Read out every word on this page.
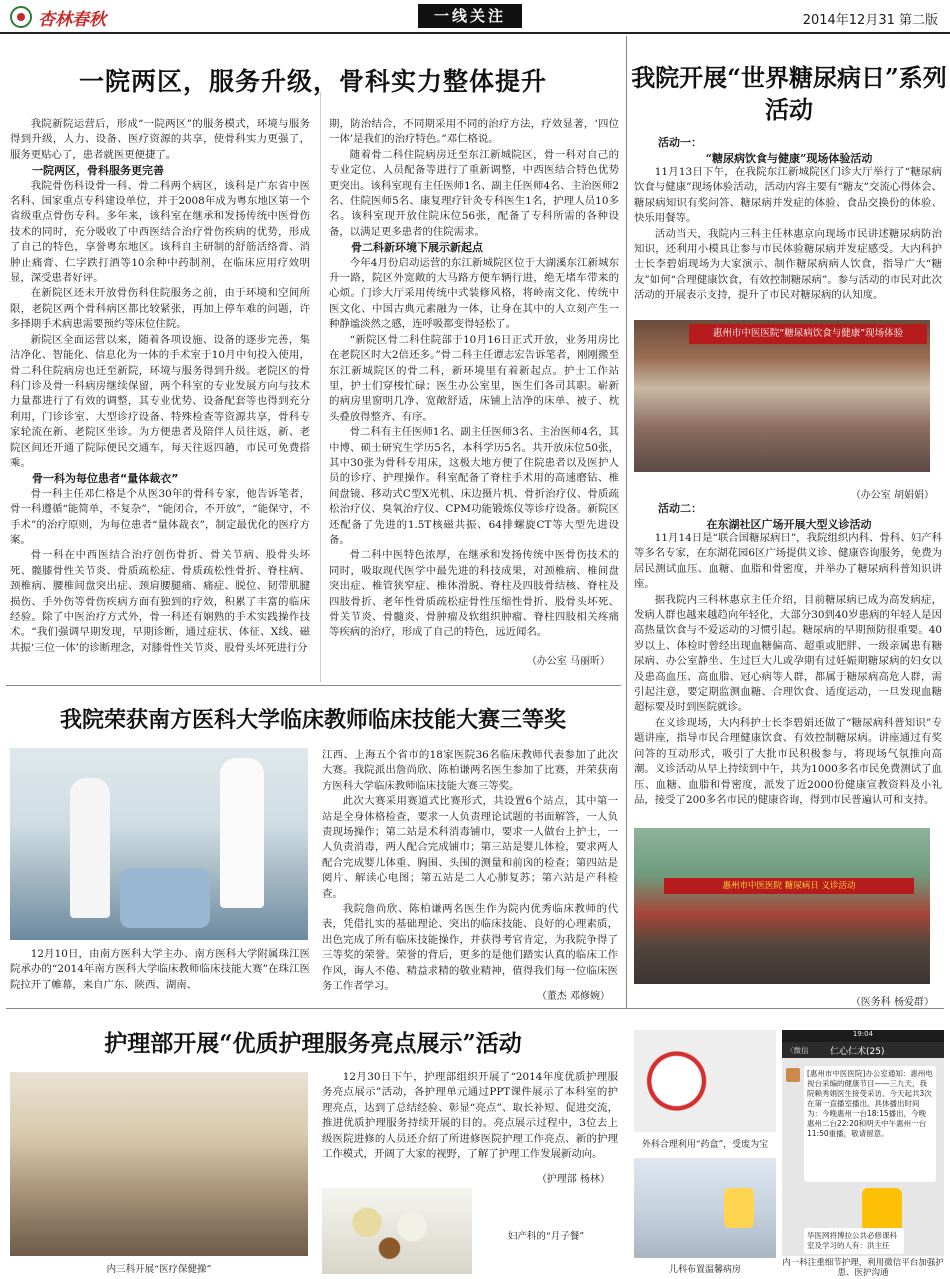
杏林春秋	一线关注	2014年12月31 第二版
一院两区，服务升级，骨科实力整体提升

我院新院运营后，形成“一院两区”的服务模式，环境与服务得到升级，人力、设备、医疗资源的共享，使骨科实力更强了，服务更贴心了，患者就医更便捷了。

一院两区，骨科服务更完善

我院骨伤科设骨一科、骨二科两个病区，该科是广东省中医名科、国家重点专科建设单位，并于2008年成为粤东地区第一个省级重点骨伤专科。多年来，该科室在继承和发扬传统中医骨伤技术的同时，充分吸收了中西医结合治疗骨伤疾病的优势，形成了自己的特色，享誉粤东地区。该科自主研制的舒筋活络膏、消肿止痛膏、仁字跌打酒等10余种中药制剂，在临床应用疗效明显，深受患者好评。

在新院区还未开放骨伤科住院服务之前，由于环境和空间所限，老院区两个骨科病区都比较紧张，再加上停车难的问题，许多择期手术病患需要预约等床位住院。

新院区全面运营以来，随着各项设施、设备的逐步完善，集洁净化、智能化、信息化为一体的手术室于10月中旬投入使用，骨二科住院病房也迁至新院，环境与服务得到升级。老院区的骨科门诊及骨一科病房继续保留，两个科室的专业发展方向与技术力量都进行了有效的调整，其专业优势、设备配套等也得到充分利用，门诊诊室、大型诊疗设备、特殊检查等资源共享，骨科专家轮流在新、老院区坐诊。为方便患者及陪伴人员往返，新、老院区间还开通了院际便民交通车，每天往返四趟，市民可免费搭乘。

骨一科为每位患者“量体裁衣”

骨一科主任邓仁格是个从医30年的骨科专家，他告诉笔者，骨一科遵循“能简单，不复杂”，“能闭合，不开放”，“能保守，不手术”的治疗原则，为每位患者“量体裁衣”，制定最优化的医疗方案。

骨一科在中西医结合治疗创伤骨折、骨关节病、股骨头坏死、髋膝骨性关节炎、骨质疏松症、骨质疏松性骨折、脊柱病、颈椎病、腰椎间盘突出症、颈肩腰腿痛、痛症、脱位、韧带肌腱损伤、手外伤等骨伤疾病方面有独到的疗效，积累了丰富的临床经验。除了中医治疗方式外，骨一科还有娴熟的手术实践操作技术。“我们强调早期发现，早期诊断，通过症状、体征、X线、磁共振‘三位一体’的诊断理念，对膝骨性关节炎、股骨头坏死进行分

期，防治结合，不同期采用不同的治疗方法，疗效显著，‘四位一体’是我们的治疗特色。”邓仁格说。

随着骨二科住院病房迁至东江新城院区，骨一科对自己的专业定位、人员配备等进行了重新调整，中西医结合特色优势更突出。该科室现有主任医师1名、副主任医师4名、主治医师2名、住院医师5名、康复理疗针灸专科医生1名，护理人员10多名。该科室现开放住院床位56张，配备了专科所需的各种设备，以满足更多患者的住院需求。

骨二科新环境下展示新起点

今年4月份启动运营的东江新城院区位于大湖溪东江新城东升一路，院区外宽敞的大马路方便车辆行进，绝无堵车带来的心烦。门诊大厅采用传统中式装修风格，将岭南文化、传统中医文化、中国古典元素融为一体，让身在其中的人立刻产生一种静谧淡然之感，连呼吸都变得轻松了。

“新院区骨二科住院部于10月16日正式开放，业务用房比在老院区时大2倍还多。”骨二科主任谭志宏告诉笔者，刚刚搬至东江新城院区的骨二科，新环境里有着新起点。护士工作站里，护士们穿梭忙碌；医生办公室里，医生们各司其职。崭新的病房里窗明几净、宽敞舒适，床铺上洁净的床单、被子、枕头叠放得整齐、有序。

骨二科有主任医师1名、副主任医师3名、主治医师4名，其中博、硕士研究生学历5名，本科学历5名。共开放床位50张，其中30张为骨科专用床，这极大地方便了住院患者以及医护人员的诊疗、护理操作。科室配备了脊柱手术用的高速磨钻、椎间盘镜、移动式C型X光机、床边摄片机、骨折治疗仪、骨质疏松治疗仪、臭氧治疗仪、CPM功能锻炼仪等诊疗设备。新院区还配备了先进的1.5T核磁共振、64排螺旋CT等大型先进设备。

骨二科中医特色浓厚，在继承和发扬传统中医骨伤技术的同时，吸取现代医学中最先进的科技成果，对颈椎病、椎间盘突出症、椎管狭窄症、椎体滑脱、脊柱及四肢骨结核、脊柱及四肢骨折、老年性骨质疏松症骨性压缩性骨折、股骨头坏死、骨关节炎、骨髓炎、骨肿瘤及软组织肿瘤、脊柱四肢相关疼痛等疾病的治疗，形成了自己的特色，远近闻名。

（办公室 马丽昕）
我院荣获南方医科大学临床教师临床技能大赛三等奖

12月10日，由南方医科大学主办、南方医科大学附属珠江医院承办的“2014年南方医科大学临床教师临床技能大赛”在珠江医院拉开了帷幕，来自广东、陕西、湖南、

江西、上海五个省市的18家医院36名临床教师代表参加了此次大赛。我院派出詹尚欣、陈柏谦两名医生参加了比赛，并荣获南方医科大学临床教师临床技能大赛三等奖。

此次大赛采用赛道式比赛形式，共设置6个站点，其中第一站是全身体格检查，要求一人负责理论试题的书面解答，一人负责现场操作；第二站是术科消毒铺巾，要求一人做台上护士，一人负责消毒，两人配合完成铺巾；第三站是婴儿体检，要求两人配合完成婴儿体重、胸围、头围的测量和前囟的检查；第四站是阅片、解读心电图；第五站是二人心肺复苏；第六站是产科检查。

我院詹尚欣、陈柏谦两名医生作为院内优秀临床教师的代表，凭借扎实的基础理论、突出的临床技能、良好的心理素质，出色完成了所有临床技能操作，并获得考官肯定，为我院争得了三等奖的荣誉。荣誉的背后，更多的是他们踏实认真的临床工作作风，诲人不倦、精益求精的敬业精神，值得我们每一位临床医务工作者学习。

（董杰 邓修婉）
我院开展“世界糖尿病日”系列活动
活动一：
“糖尿病饮食与健康”现场体验活动

11月13日下午，在我院东江新城院区门诊大厅举行了“糖尿病饮食与健康”现场体验活动，活动内容主要有“糖友”交流心得体会、糖尿病知识有奖问答、糖尿病并发症的体验、食品交换份的体验、快乐用餐等。

活动当天，我院内三科主任林惠京向现场市民讲述糖尿病防治知识，还利用小模具让参与市民体验糖尿病并发症感受。大内科护士长李碧娟现场为大家演示、制作糖尿病病人饮食，指导广大“糖友”如何“合理健康饮食，有效控制糖尿病”。参与活动的市民对此次活动的开展表示支持，提升了市民对糖尿病的认知度。

惠州市中医医院“糖尿病饮食与健康”现场体验
（办公室 胡娟娟）
活动二：
在东湖社区广场开展大型义诊活动

11月14日是“联合国糖尿病日”，我院组织内科、骨科、妇产科等多名专家，在东湖花园6区广场提供义诊、健康咨询服务，免费为居民测试血压、血糖、血脂和骨密度，并举办了糖尿病科普知识讲座。

据我院内三科林惠京主任介绍，目前糖尿病已成为高发病症，发病人群也越来越趋向年轻化，大部分30到40岁患病的年轻人是因高热量饮食与不爱运动的习惯引起。糖尿病的早期预防很重要。40岁以上、体检时曾经出现血糖偏高、超重或肥胖、一级亲属患有糖尿病、办公室静坐、生过巨大儿或孕期有过妊娠期糖尿病的妇女以及患高血压、高血脂、冠心病等人群，都属于糖尿病高危人群，需引起注意，要定期监测血糖、合理饮食、适度运动，一旦发现血糖超标要及时到医院就诊。

在义诊现场，大内科护士长李碧娟还做了“糖尿病科普知识”专题讲座，指导市民合理健康饮食、有效控制糖尿病。讲座通过有奖问答的互动形式，吸引了大批市民积极参与，将现场气氛推向高潮。义诊活动从早上持续到中午，共为1000多名市民免费测试了血压、血糖、血脂和骨密度，派发了近2000份健康宣教资料及小礼品，接受了200多名市民的健康咨询，得到市民普遍认可和支持。

惠州市中医医院 糖尿病日 义诊活动
（医务科 杨爱群）
护理部开展“优质护理服务亮点展示”活动
内三科开展“医疗保健操”

12月30日下午，护理部组织开展了“2014年度优质护理服务亮点展示”活动，各护理单元通过PPT课件展示了本科室的护理亮点，达到了总结经验、彰显“亮点”、取长补短、促进交流，推进优质护理服务持续开展的目的。亮点展示过程中，3位去上级医院进修的人员还介绍了所进修医院护理工作亮点、新的护理工作模式，开阔了大家的视野，了解了护理工作发展新动向。

（护理部 杨林）
妇产科的“月子餐”
外科合理利用“药盒”，受废为宝
儿科布置温馨病房
19:04
〈微信 仁心仁术(25)
[惠州市中医医院]办公室通知：惠州电视台采编的健康节目——三九天，我院赖秀娟医生接受采访。今天起共3次在第一直播室播出。具体播出时间为：今晚惠州一台18:15播出，今晚惠州二台22:20和明天中午惠州一台11:50重播，敬请留意。
华医网将博拉公共必修课科室及学习的人有：洪主任
内一科注重细节护理，利用微信平台加强护患、医护沟通
